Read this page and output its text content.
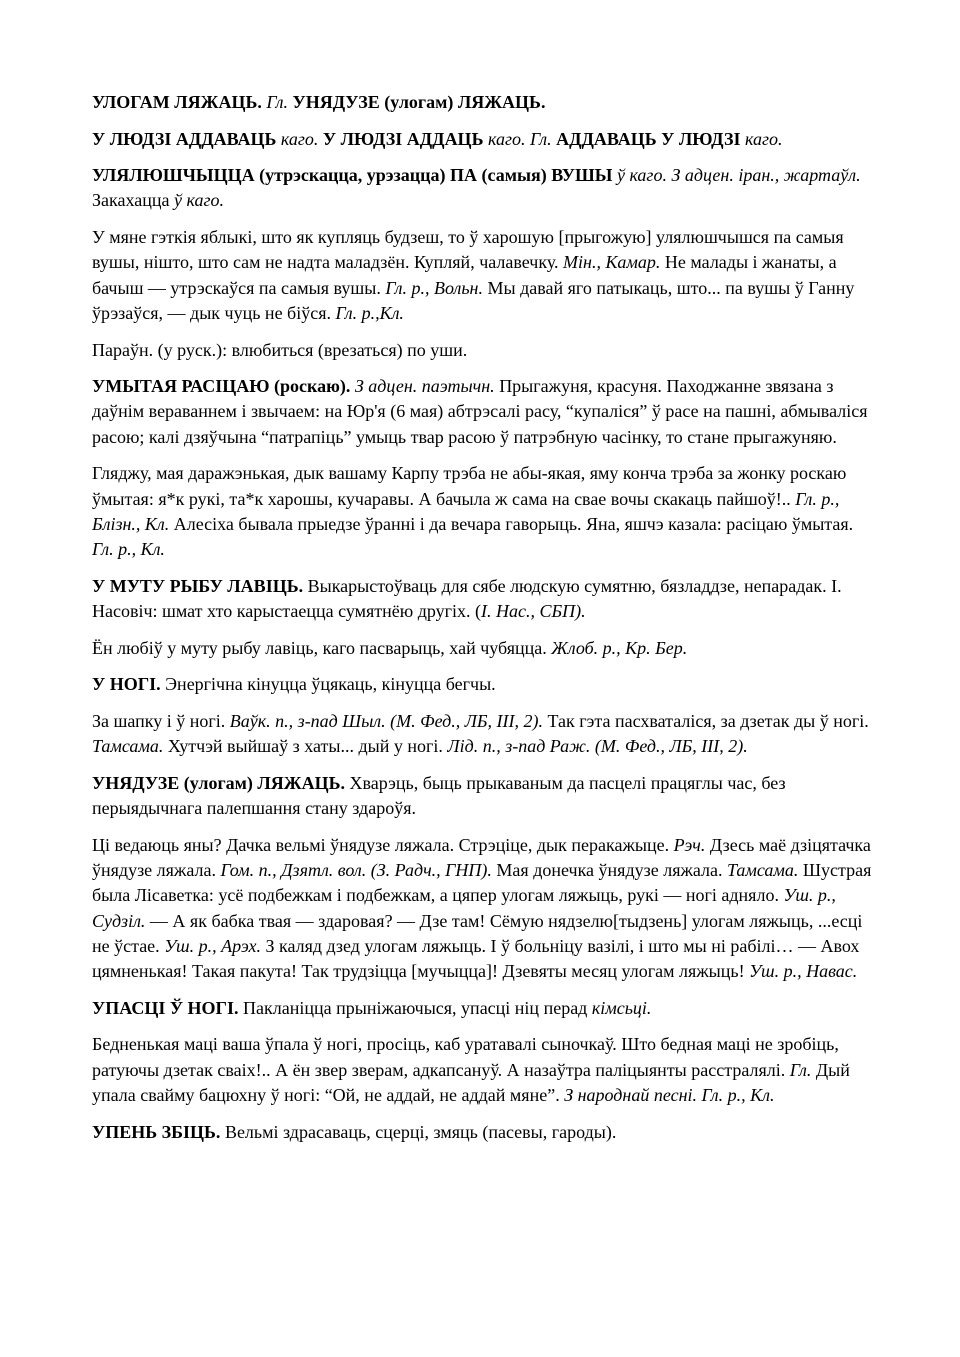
УЛОГАМ ЛЯЖАЦЬ. Гл. УНЯДУЗЕ (улогам) ЛЯЖАЦЬ.

У ЛЮДЗІ АДДАВАЦЬ каго. У ЛЮДЗІ АДДАЦЬ каго. Гл. АДДАВАЦЬ У ЛЮДЗІ каго.

УЛЯЛЮШЧЫЦЦА (утрэскацца, урэзацца) ПА (самыя) ВУШЫ ў каго. З адцен. іран., жартаўл. Закахацца ў каго.

У мяне гэткія яблыкі, што як купляць будзеш, то ў харошую [прыгожую] улялюшчышся па самыя вушы, нішто, што сам не надта маладзён. Купляй, чалавечку. Мін., Камар. Не малады і жанаты, а бачыш — утрэскаўся па самыя вушы. Гл. р., Вольн. Мы давай яго патыкаць, што... па вушы ў Ганну ўрэзаўся, — дык чуць не біўся. Гл. р.,Кл.

Параўн. (у руск.): влюбиться (врезаться) по уши.

УМЫТАЯ РАСІЦАЮ (роскаю). З адцен. паэтычн. Прыгажуня, красуня. Паходжанне звязана з даўнім вераваннем і звычаем: на Юр'я (6 мая) абтрэсалі расу, “купаліся” ў расе на пашні, абмываліся расою; калі дзяўчына “патрапіць” умыць твар расою ў патрэбную часінку, то стане прыгажуняю.

Гляджу, мая даражэнькая, дык вашаму Карпу трэба не абы-якая, яму конча трэба за жонку роскаю ўмытая: я*к рукі, та*к харошы, кучаравы. А бачыла ж сама на свае вочы скакаць пайшоў!.. Гл. р., Блізн., Кл. Алесіха бывала прыедзе ўранні і да вечара гаворыць. Яна, яшчэ казала: расіцаю ўмытая. Гл. р., Кл.

У МУТУ РЫБУ ЛАВІЦЬ. Выкарыстоўваць для сябе людскую сумятню, бязладдзе, непарадак. І. Насовіч: шмат хто карыстаецца сумятнёю другіх. (І. Нас., СБП).

Ён любіў у муту рыбу лавіць, каго пасварыць, хай чубяцца. Жлоб. р., Кр. Бер.

У НОГІ. Энергічна кінуцца ўцякаць, кінуцца бегчы.

За шапку і ў ногі. Ваўк. п., з-пад Шыл. (М. Фед., ЛБ, ІІІ, 2). Так гэта пасхваталіся, за дзетак ды ў ногі. Тамсама. Хутчэй выйшаў з хаты... дый у ногі. Лід. п., з-пад Раж. (М. Фед., ЛБ, ІІІ, 2).

УНЯДУЗЕ (улогам) ЛЯЖАЦЬ. Хварэць, быць прыкаваным да пасцелі працяглы час, без перыядычнага палепшання стану здароўя.

Ці ведаюць яны? Дачка вельмі ўнядузе ляжала. Стрэціце, дык перакажыце. Рэч. Дзесь маё дзіцятачка ўнядузе ляжала. Гом. п., Дзятл. вол. (З. Радч., ГНП). Мая донечка ўнядузе ляжала. Тамсама. Шустрая была Лісаветка: усё подбежкам і подбежкам, а цяпер улогам ляжыць, рукі — ногі адняло. Уш. р., Судзіл. — А як бабка твая — здаровая? — Дзе там! Сёмую нядзелю[тыдзень] улогам ляжыць, ...есці не ўстае. Уш. р., Арэх. З каляд дзед улогам ляжыць. І ў больніцу вазілі, і што мы ні рабілі… — Авох цямненькая! Такая пакута! Так трудзіцца [мучыцца]! Дзевяты месяц улогам ляжыць! Уш. р., Навас.

УПАСЦІ Ў НОГІ. Пакланіцца прыніжаючыся, упасці ніц перад кімсьці.

Бедненькая маці ваша ўпала ў ногі, просіць, каб уратавалі сыночкаў. Што бедная маці не зробіць, ратуючы дзетак сваіх!.. А ён звер зверам, адкапсануў. А назаўтра паліцыянты расстралялі. Гл. Дый упала свайму бацюхну ў ногі: “Ой, не аддай, не аддай мяне”. З народнай песні. Гл. р., Кл.

УПЕНЬ ЗБІЦЬ. Вельмі здрасаваць, сцерці, змяць (пасевы, гароды).
